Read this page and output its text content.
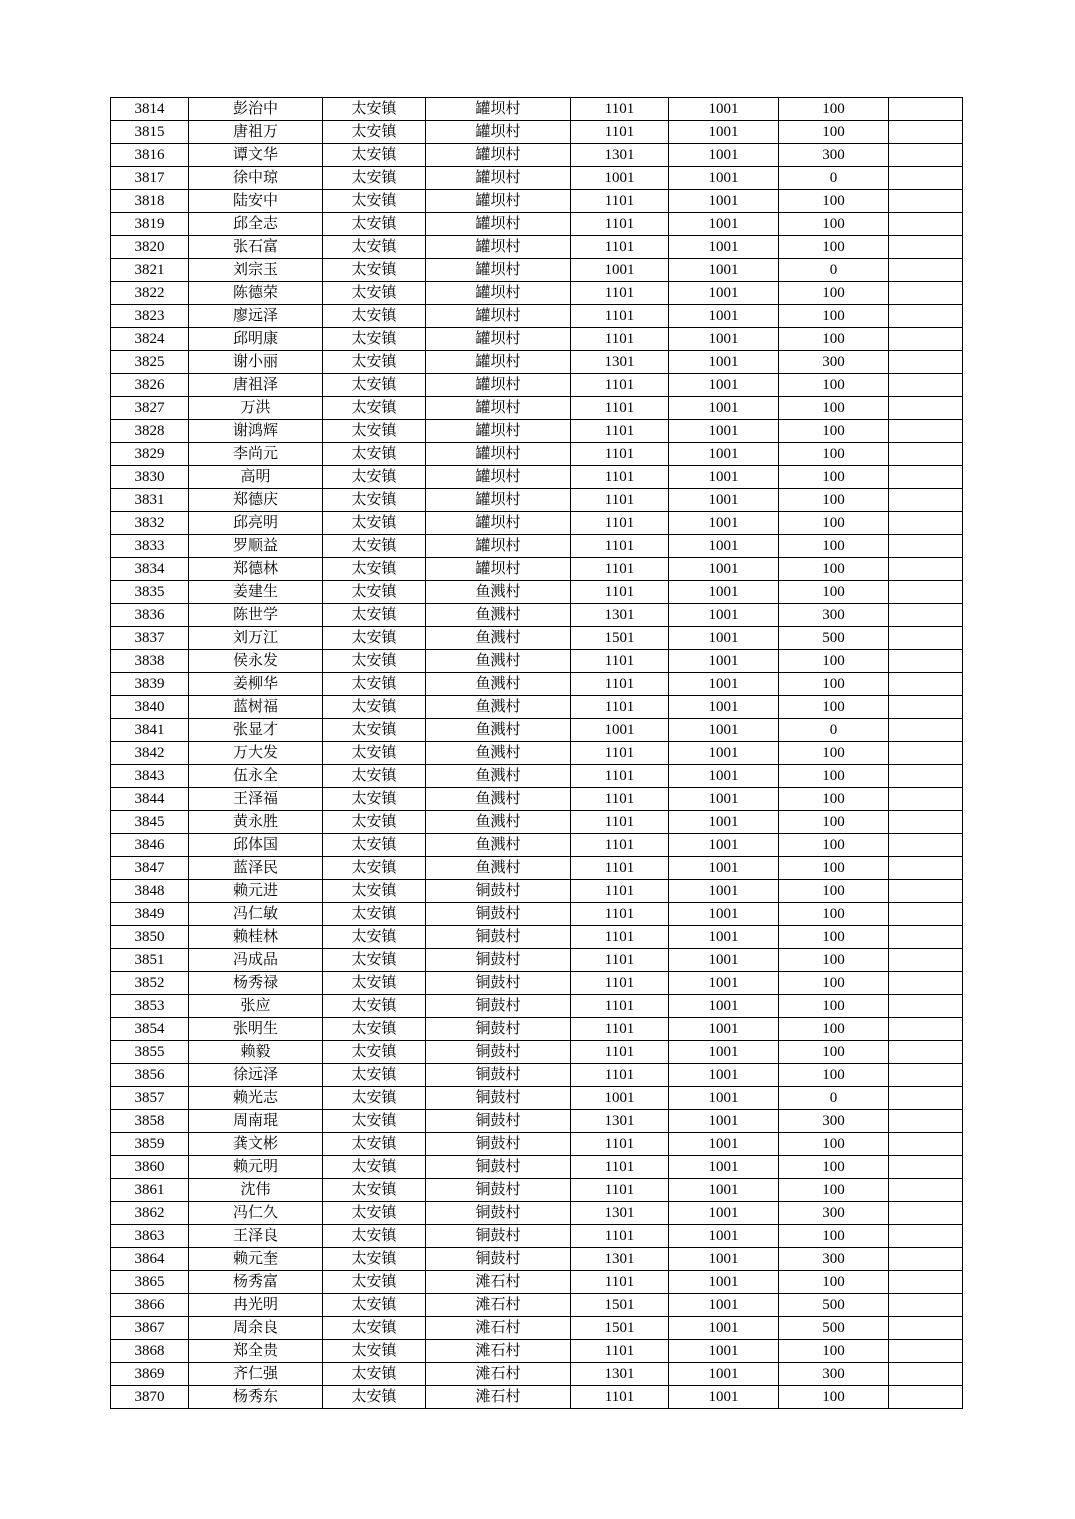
3814	彭治中	太安镇	罐坝村	1101	1001	100	
3815	唐祖万	太安镇	罐坝村	1101	1001	100	
3816	谭文华	太安镇	罐坝村	1301	1001	300	
3817	徐中琼	太安镇	罐坝村	1001	1001	0	
3818	陆安中	太安镇	罐坝村	1101	1001	100	
3819	邱全志	太安镇	罐坝村	1101	1001	100	
3820	张石富	太安镇	罐坝村	1101	1001	100	
3821	刘宗玉	太安镇	罐坝村	1001	1001	0	
3822	陈德荣	太安镇	罐坝村	1101	1001	100	
3823	廖远泽	太安镇	罐坝村	1101	1001	100	
3824	邱明康	太安镇	罐坝村	1101	1001	100	
3825	谢小丽	太安镇	罐坝村	1301	1001	300	
3826	唐祖泽	太安镇	罐坝村	1101	1001	100	
3827	万洪	太安镇	罐坝村	1101	1001	100	
3828	谢鸿辉	太安镇	罐坝村	1101	1001	100	
3829	李尚元	太安镇	罐坝村	1101	1001	100	
3830	高明	太安镇	罐坝村	1101	1001	100	
3831	郑德庆	太安镇	罐坝村	1101	1001	100	
3832	邱亮明	太安镇	罐坝村	1101	1001	100	
3833	罗顺益	太安镇	罐坝村	1101	1001	100	
3834	郑德林	太安镇	罐坝村	1101	1001	100	
3835	姜建生	太安镇	鱼溅村	1101	1001	100	
3836	陈世学	太安镇	鱼溅村	1301	1001	300	
3837	刘万江	太安镇	鱼溅村	1501	1001	500	
3838	侯永发	太安镇	鱼溅村	1101	1001	100	
3839	姜柳华	太安镇	鱼溅村	1101	1001	100	
3840	蓝树福	太安镇	鱼溅村	1101	1001	100	
3841	张显才	太安镇	鱼溅村	1001	1001	0	
3842	万大发	太安镇	鱼溅村	1101	1001	100	
3843	伍永全	太安镇	鱼溅村	1101	1001	100	
3844	王泽福	太安镇	鱼溅村	1101	1001	100	
3845	黄永胜	太安镇	鱼溅村	1101	1001	100	
3846	邱体国	太安镇	鱼溅村	1101	1001	100	
3847	蓝泽民	太安镇	鱼溅村	1101	1001	100	
3848	赖元进	太安镇	铜鼓村	1101	1001	100	
3849	冯仁敏	太安镇	铜鼓村	1101	1001	100	
3850	赖桂林	太安镇	铜鼓村	1101	1001	100	
3851	冯成品	太安镇	铜鼓村	1101	1001	100	
3852	杨秀禄	太安镇	铜鼓村	1101	1001	100	
3853	张应	太安镇	铜鼓村	1101	1001	100	
3854	张明生	太安镇	铜鼓村	1101	1001	100	
3855	赖毅	太安镇	铜鼓村	1101	1001	100	
3856	徐远泽	太安镇	铜鼓村	1101	1001	100	
3857	赖光志	太安镇	铜鼓村	1001	1001	0	
3858	周南琨	太安镇	铜鼓村	1301	1001	300	
3859	龚文彬	太安镇	铜鼓村	1101	1001	100	
3860	赖元明	太安镇	铜鼓村	1101	1001	100	
3861	沈伟	太安镇	铜鼓村	1101	1001	100	
3862	冯仁久	太安镇	铜鼓村	1301	1001	300	
3863	王泽良	太安镇	铜鼓村	1101	1001	100	
3864	赖元奎	太安镇	铜鼓村	1301	1001	300	
3865	杨秀富	太安镇	滩石村	1101	1001	100	
3866	冉光明	太安镇	滩石村	1501	1001	500	
3867	周余良	太安镇	滩石村	1501	1001	500	
3868	郑全贵	太安镇	滩石村	1101	1001	100	
3869	齐仁强	太安镇	滩石村	1301	1001	300	
3870	杨秀东	太安镇	滩石村	1101	1001	100	
